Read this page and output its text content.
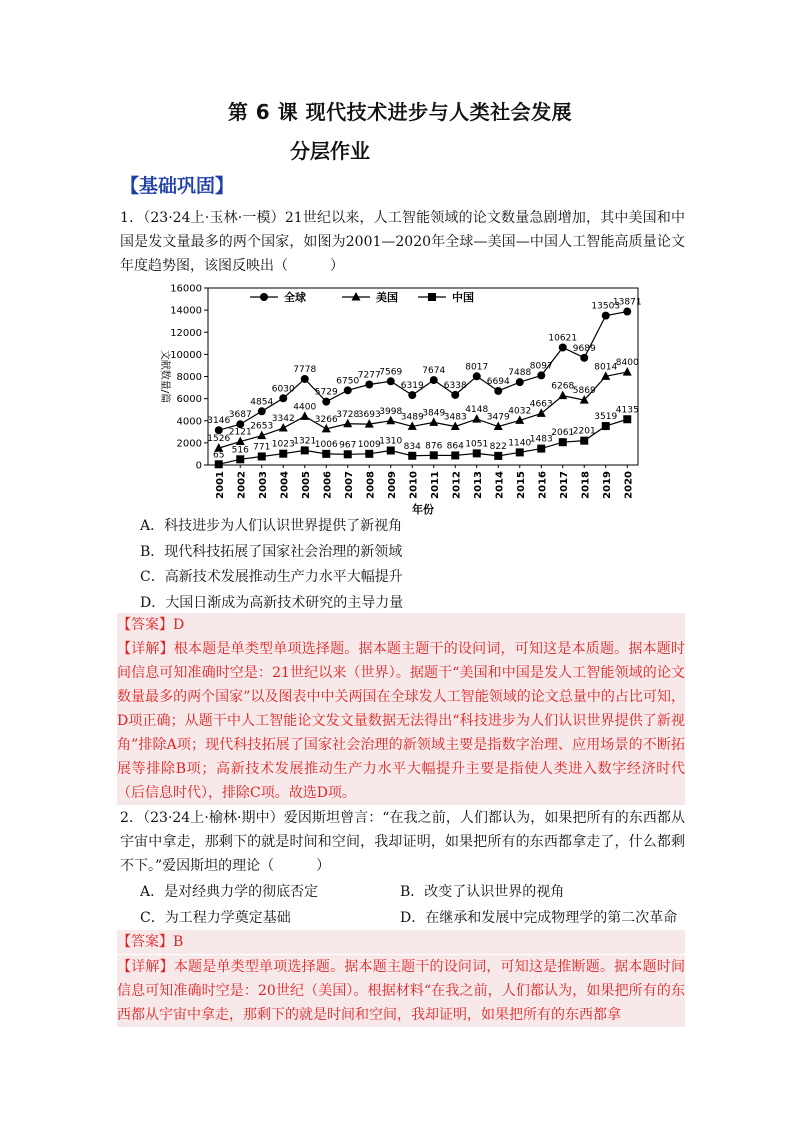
第 6 课 现代技术进步与人类社会发展
分层作业
【基础巩固】
1．（23·24上·玉林·一模）21世纪以来，人工智能领域的论文数量急剧增加，其中美国和中国是发文量最多的两个国家，如图为2001—2020年全球—美国—中国人工智能高质量论文年度趋势图，该图反映出（　　　）
0
2000
4000
6000
8000
10000
12000
14000
16000
2001 2002 2003 2004 2005 2006 2007 2008 2009 2010 2011 2012 2013 2014 2015 2016 2017 2018 2019 2020
文献数量/篇
年份
全球	美国	中国
3146
3687
4854
6030
7778
5729
6750
7277
7569
6319
7674
6338
8017
6694
7488
8097
10621
9689
13503
13871
1526
2121
2653
3342
4400
3266
3728
3693
3998
3489
3849
3483
4148
3479
4032
4663
6268
5869
8014
8400
65 516 771 1023
1321
1006 967 1009
1310
834 876 864 1051 822 1140
1483
2061
2201
3519
4135
A．科技进步为人们认识世界提供了新视角
B．现代科技拓展了国家社会治理的新领域
C．高新技术发展推动生产力水平大幅提升
D．大国日渐成为高新技术研究的主导力量
【答案】D
【详解】根本题是单类型单项选择题。据本题主题干的设问词，可知这是本质题。据本题时间信息可知准确时空是：21世纪以来（世界）。据题干“美国和中国是发人工智能领域的论文数量最多的两个国家”以及图表中中关两国在全球发人工智能领域的论文总量中的占比可知，D项正确；从题干中人工智能论文发文量数据无法得出“科技进步为人们认识世界提供了新视角”排除A项；现代科技拓展了国家社会治理的新领域主要是指数字治理、应用场景的不断拓展等排除B项；高新技术发展推动生产力水平大幅提升主要是指使人类进入数字经济时代（后信息时代），排除C项。故选D项。
2．（23·24上·榆林·期中）爱因斯坦曾言：“在我之前，人们都认为，如果把所有的东西都从宇宙中拿走，那剩下的就是时间和空间，我却证明，如果把所有的东西都拿走了，什么都剩不下。”爱因斯坦的理论（　　　）
A．是对经典力学的彻底否定	B．改变了认识世界的视角
C．为工程力学奠定基础	D．在继承和发展中完成物理学的第二次革命
【答案】B
【详解】本题是单类型单项选择题。据本题主题干的设问词，可知这是推断题。据本题时间信息可知准确时空是：20世纪（美国）。根据材料“在我之前，人们都认为，如果把所有的东西都从宇宙中拿走，那剩下的就是时间和空间，我却证明，如果把所有的东西都拿
